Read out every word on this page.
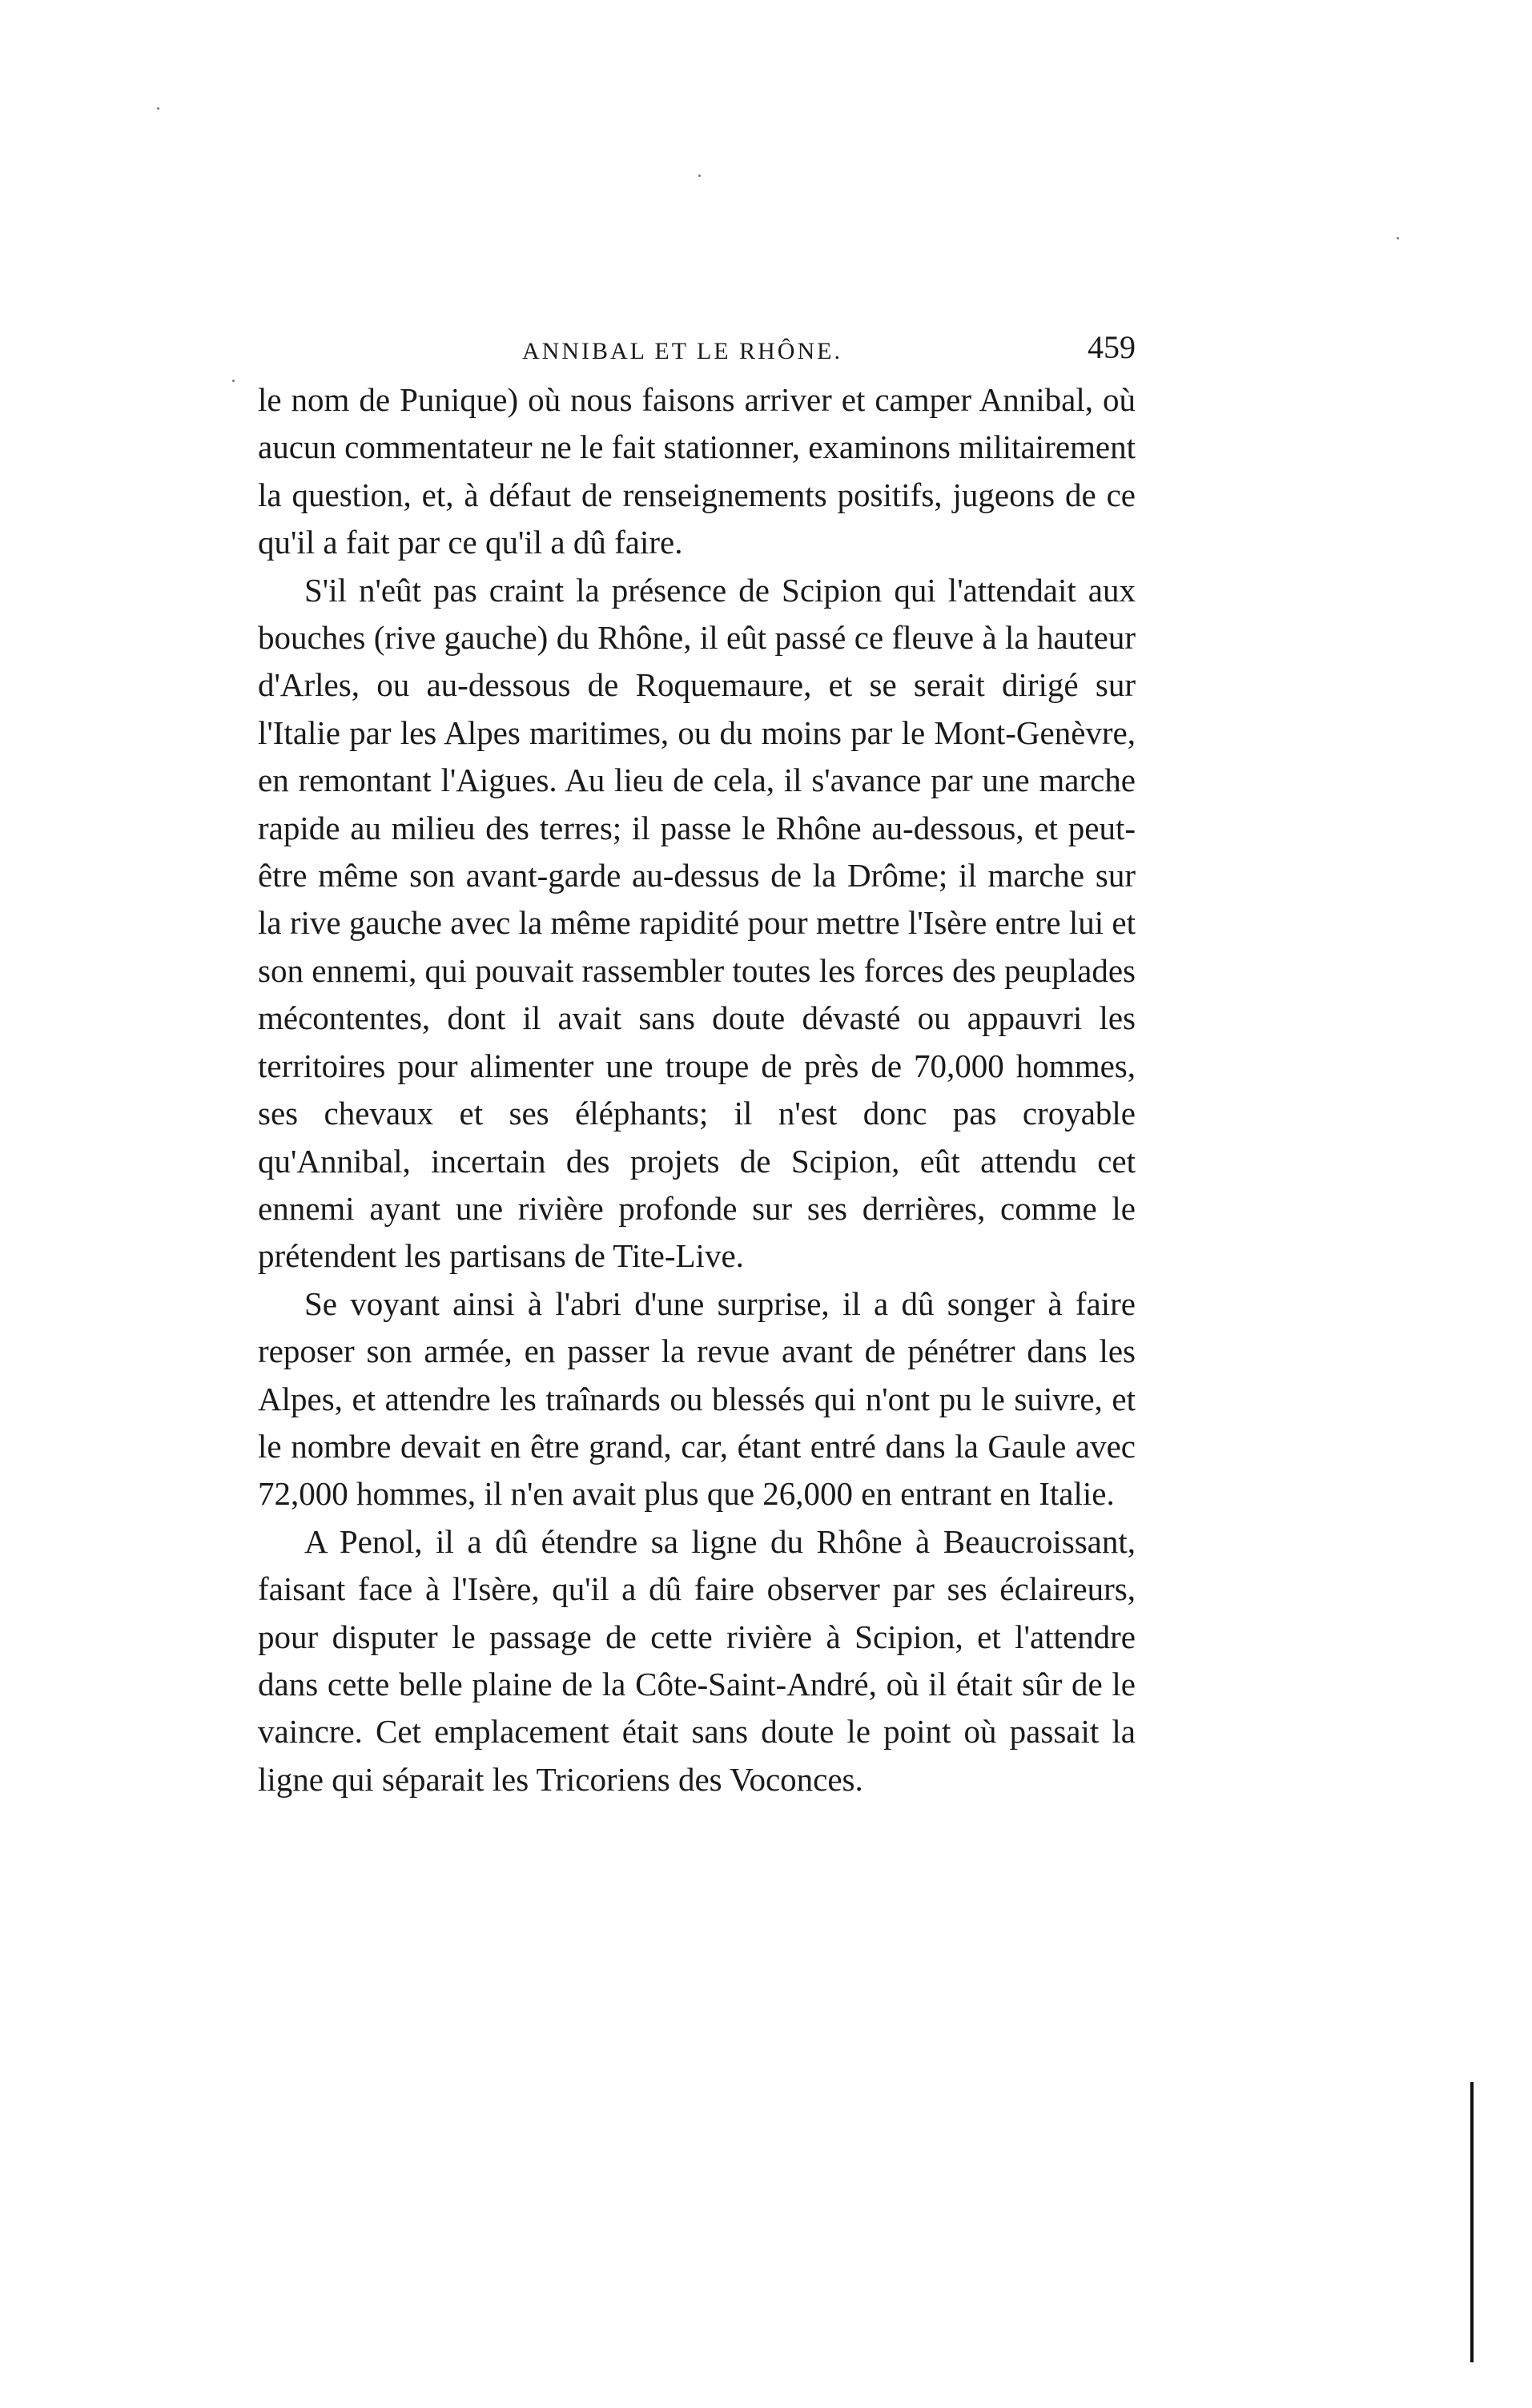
ANNIBAL ET LE RHÔNE.	459

le nom de Punique) où nous faisons arriver et camper Annibal, où aucun commentateur ne le fait stationner, examinons militairement la question, et, à défaut de renseignements positifs, jugeons de ce qu'il a fait par ce qu'il a dû faire.

S'il n'eût pas craint la présence de Scipion qui l'attendait aux bouches (rive gauche) du Rhône, il eût passé ce fleuve à la hauteur d'Arles, ou au-dessous de Roquemaure, et se serait dirigé sur l'Italie par les Alpes maritimes, ou du moins par le Mont-Genèvre, en remontant l'Aigues. Au lieu de cela, il s'avance par une marche rapide au milieu des terres; il passe le Rhône au-dessous, et peut-être même son avant-garde au-dessus de la Drôme; il marche sur la rive gauche avec la même rapidité pour mettre l'Isère entre lui et son ennemi, qui pouvait rassembler toutes les forces des peuplades mécontentes, dont il avait sans doute dévasté ou appauvri les territoires pour alimenter une troupe de près de 70,000 hommes, ses chevaux et ses éléphants; il n'est donc pas croyable qu'Annibal, incertain des projets de Scipion, eût attendu cet ennemi ayant une rivière profonde sur ses derrières, comme le prétendent les partisans de Tite-Live.

Se voyant ainsi à l'abri d'une surprise, il a dû songer à faire reposer son armée, en passer la revue avant de pénétrer dans les Alpes, et attendre les traînards ou blessés qui n'ont pu le suivre, et le nombre devait en être grand, car, étant entré dans la Gaule avec 72,000 hommes, il n'en avait plus que 26,000 en entrant en Italie.

A Penol, il a dû étendre sa ligne du Rhône à Beaucroissant, faisant face à l'Isère, qu'il a dû faire observer par ses éclaireurs, pour disputer le passage de cette rivière à Scipion, et l'attendre dans cette belle plaine de la Côte-Saint-André, où il était sûr de le vaincre. Cet emplacement était sans doute le point où passait la ligne qui séparait les Tricoriens des Voconces.
